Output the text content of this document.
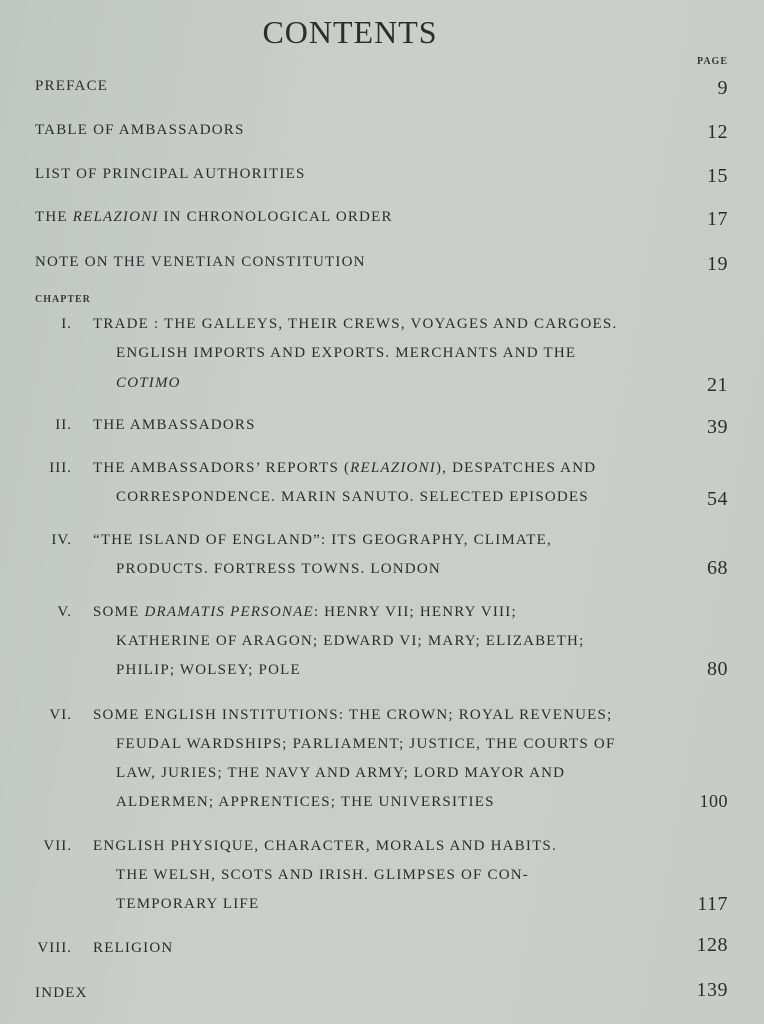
CONTENTS
PAGE
PREFACE	9
TABLE OF AMBASSADORS	12
LIST OF PRINCIPAL AUTHORITIES	15
THE RELAZIONI IN CHRONOLOGICAL ORDER	17
NOTE ON THE VENETIAN CONSTITUTION	19
CHAPTER
I. TRADE : THE GALLEYS, THEIR CREWS, VOYAGES AND CARGOES.
ENGLISH IMPORTS AND EXPORTS. MERCHANTS AND THE
COTIMO	21
II. THE AMBASSADORS	39
III. THE AMBASSADORS’ REPORTS (RELAZIONI), DESPATCHES AND
CORRESPONDENCE. MARIN SANUTO. SELECTED EPISODES	54
IV. “THE ISLAND OF ENGLAND”: ITS GEOGRAPHY, CLIMATE,
PRODUCTS. FORTRESS TOWNS. LONDON	68
V. SOME DRAMATIS PERSONAE: HENRY VII; HENRY VIII;
KATHERINE OF ARAGON; EDWARD VI; MARY; ELIZABETH;
PHILIP; WOLSEY; POLE	80
VI. SOME ENGLISH INSTITUTIONS: THE CROWN; ROYAL REVENUES;
FEUDAL WARDSHIPS; PARLIAMENT; JUSTICE, THE COURTS OF
LAW, JURIES; THE NAVY AND ARMY; LORD MAYOR AND
ALDERMEN; APPRENTICES; THE UNIVERSITIES	100
VII. ENGLISH PHYSIQUE, CHARACTER, MORALS AND HABITS.
THE WELSH, SCOTS AND IRISH. GLIMPSES OF CON-
TEMPORARY LIFE	117
VIII. RELIGION	128
INDEX	139
